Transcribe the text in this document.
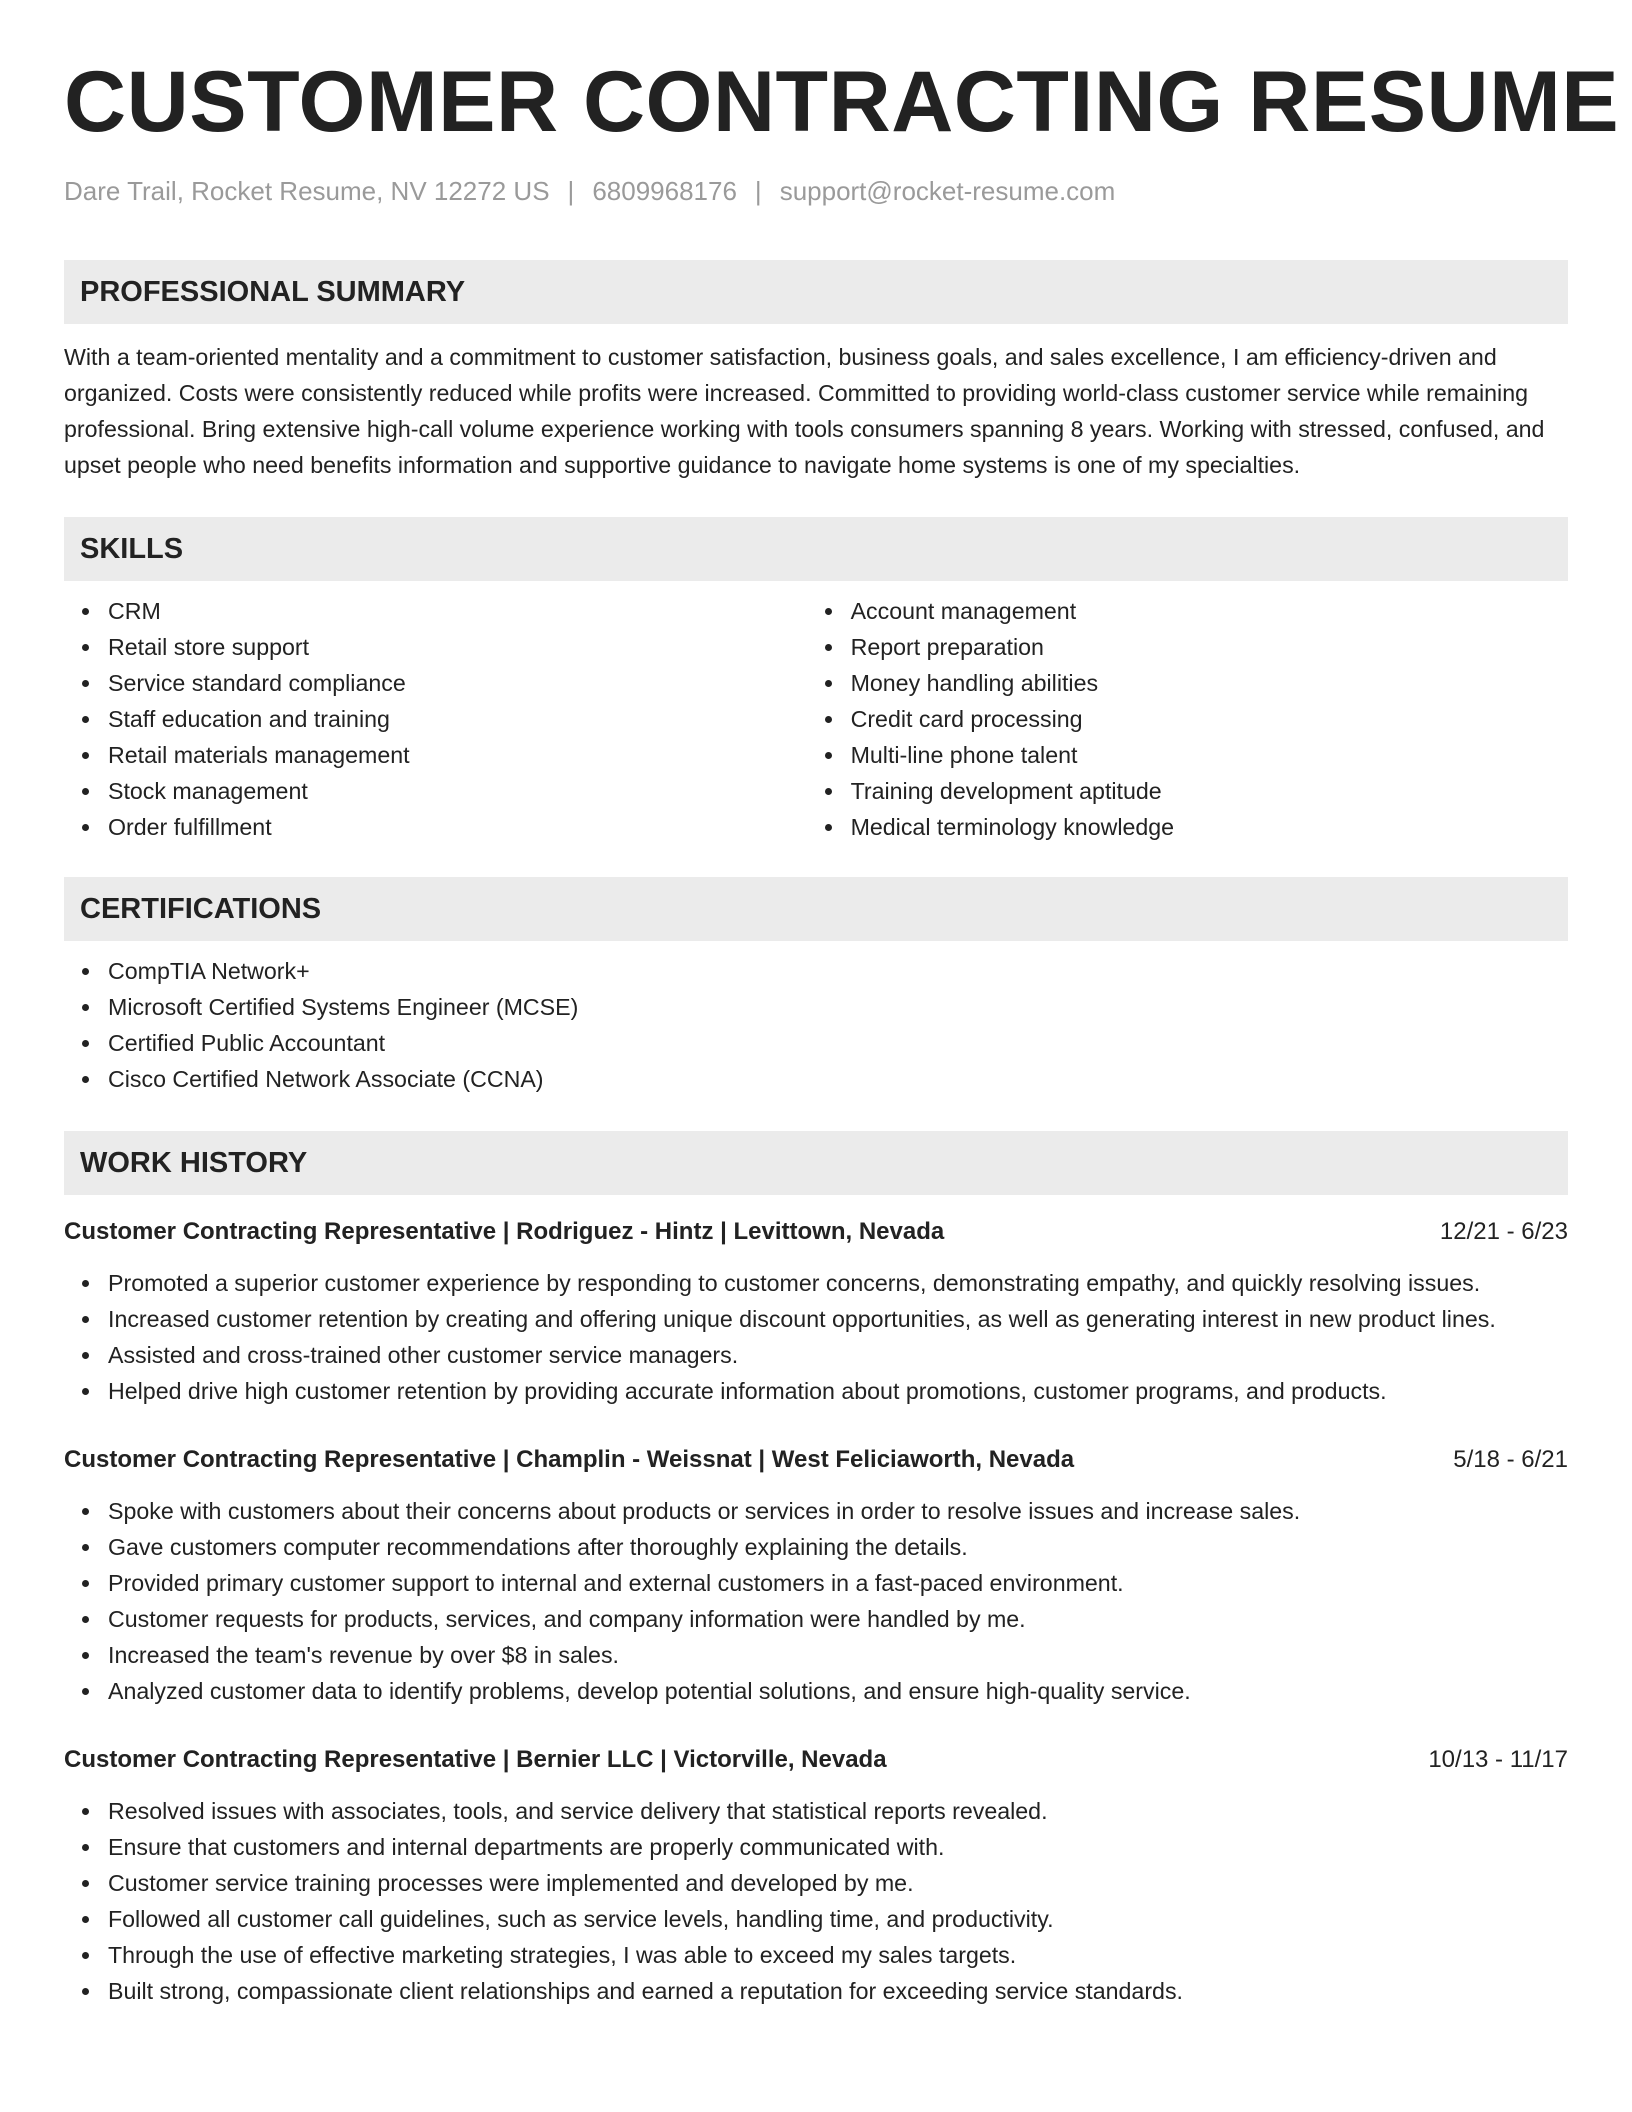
CUSTOMER CONTRACTING RESUME
Dare Trail, Rocket Resume, NV 12272 US | 6809968176 | support@rocket-resume.com
PROFESSIONAL SUMMARY

With a team-oriented mentality and a commitment to customer satisfaction, business goals, and sales excellence, I am efficiency-driven and organized. Costs were consistently reduced while profits were increased. Committed to providing world-class customer service while remaining professional. Bring extensive high-call volume experience working with tools consumers spanning 8 years. Working with stressed, confused, and upset people who need benefits information and supportive guidance to navigate home systems is one of my specialties.

SKILLS
CRM
Retail store support
Service standard compliance
Staff education and training
Retail materials management
Stock management
Order fulfillment
Account management
Report preparation
Money handling abilities
Credit card processing
Multi-line phone talent
Training development aptitude
Medical terminology knowledge
CERTIFICATIONS
CompTIA Network+
Microsoft Certified Systems Engineer (MCSE)
Certified Public Accountant
Cisco Certified Network Associate (CCNA)
WORK HISTORY
Customer Contracting Representative | Rodriguez - Hintz | Levittown, Nevada	12/21 - 6/23
Promoted a superior customer experience by responding to customer concerns, demonstrating empathy, and quickly resolving issues.
Increased customer retention by creating and offering unique discount opportunities, as well as generating interest in new product lines.
Assisted and cross-trained other customer service managers.
Helped drive high customer retention by providing accurate information about promotions, customer programs, and products.
Customer Contracting Representative | Champlin - Weissnat | West Feliciaworth, Nevada	5/18 - 6/21
Spoke with customers about their concerns about products or services in order to resolve issues and increase sales.
Gave customers computer recommendations after thoroughly explaining the details.
Provided primary customer support to internal and external customers in a fast-paced environment.
Customer requests for products, services, and company information were handled by me.
Increased the team's revenue by over $8 in sales.
Analyzed customer data to identify problems, develop potential solutions, and ensure high-quality service.
Customer Contracting Representative | Bernier LLC | Victorville, Nevada	10/13 - 11/17
Resolved issues with associates, tools, and service delivery that statistical reports revealed.
Ensure that customers and internal departments are properly communicated with.
Customer service training processes were implemented and developed by me.
Followed all customer call guidelines, such as service levels, handling time, and productivity.
Through the use of effective marketing strategies, I was able to exceed my sales targets.
Built strong, compassionate client relationships and earned a reputation for exceeding service standards.
